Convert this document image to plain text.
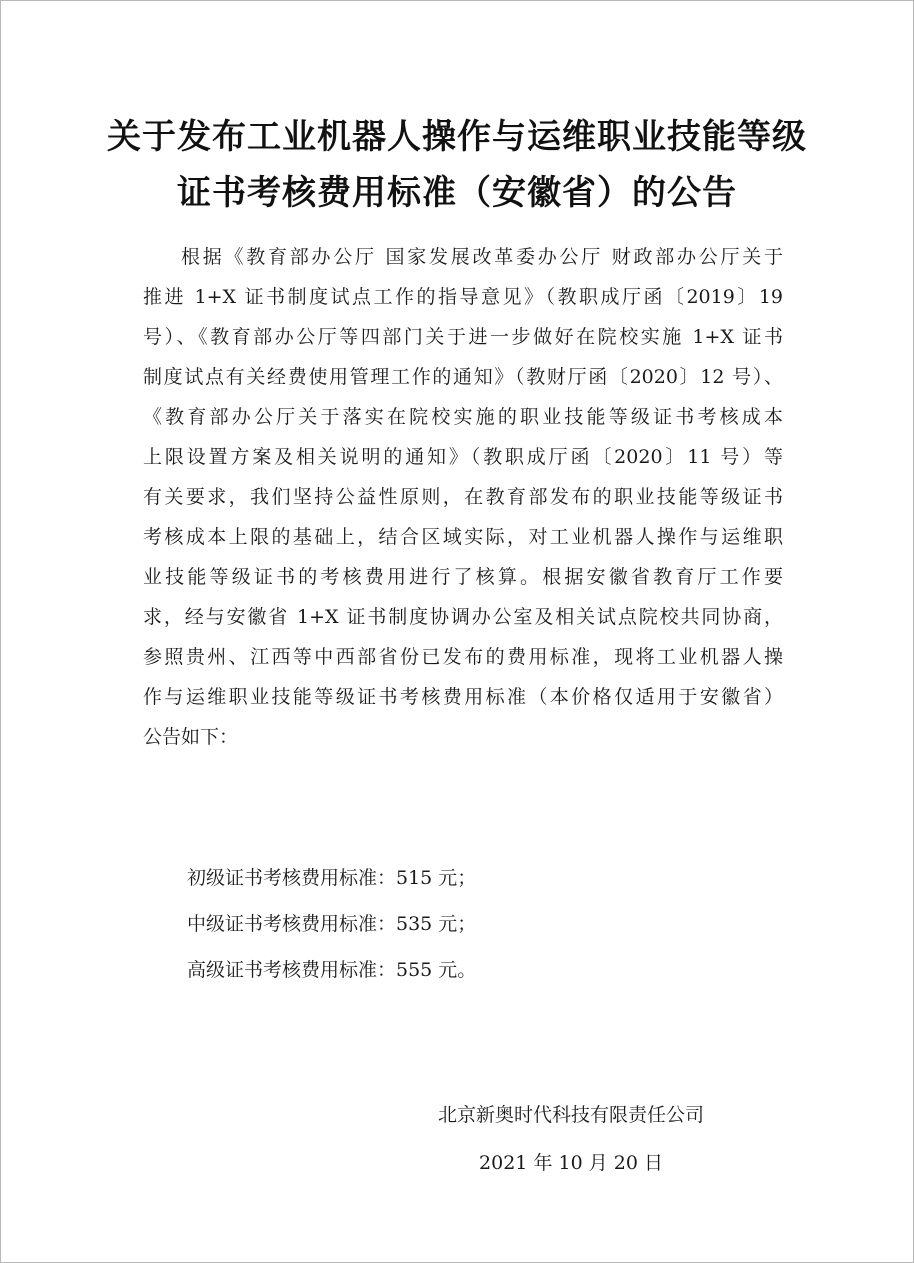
关于发布工业机器人操作与运维职业技能等级
证书考核费用标准（安徽省）的公告
根据《教育部办公厅 国家发展改革委办公厅 财政部办公厅关于
推进 1+X 证书制度试点工作的指导意见》（教职成厅函〔2019〕19
号）、《教育部办公厅等四部门关于进一步做好在院校实施 1+X 证书
制度试点有关经费使用管理工作的通知》（教财厅函〔2020〕12 号）、
《教育部办公厅关于落实在院校实施的职业技能等级证书考核成本
上限设置方案及相关说明的通知》（教职成厅函〔2020〕11 号）等
有关要求，我们坚持公益性原则，在教育部发布的职业技能等级证书
考核成本上限的基础上，结合区域实际，对工业机器人操作与运维职
业技能等级证书的考核费用进行了核算。根据安徽省教育厅工作要
求，经与安徽省 1+X 证书制度协调办公室及相关试点院校共同协商，
参照贵州、江西等中西部省份已发布的费用标准，现将工业机器人操
作与运维职业技能等级证书考核费用标准（本价格仅适用于安徽省）
公告如下：
初级证书考核费用标准：515 元；
中级证书考核费用标准：535 元；
高级证书考核费用标准：555 元。
北京新奥时代科技有限责任公司
2021 年 10 月 20 日
